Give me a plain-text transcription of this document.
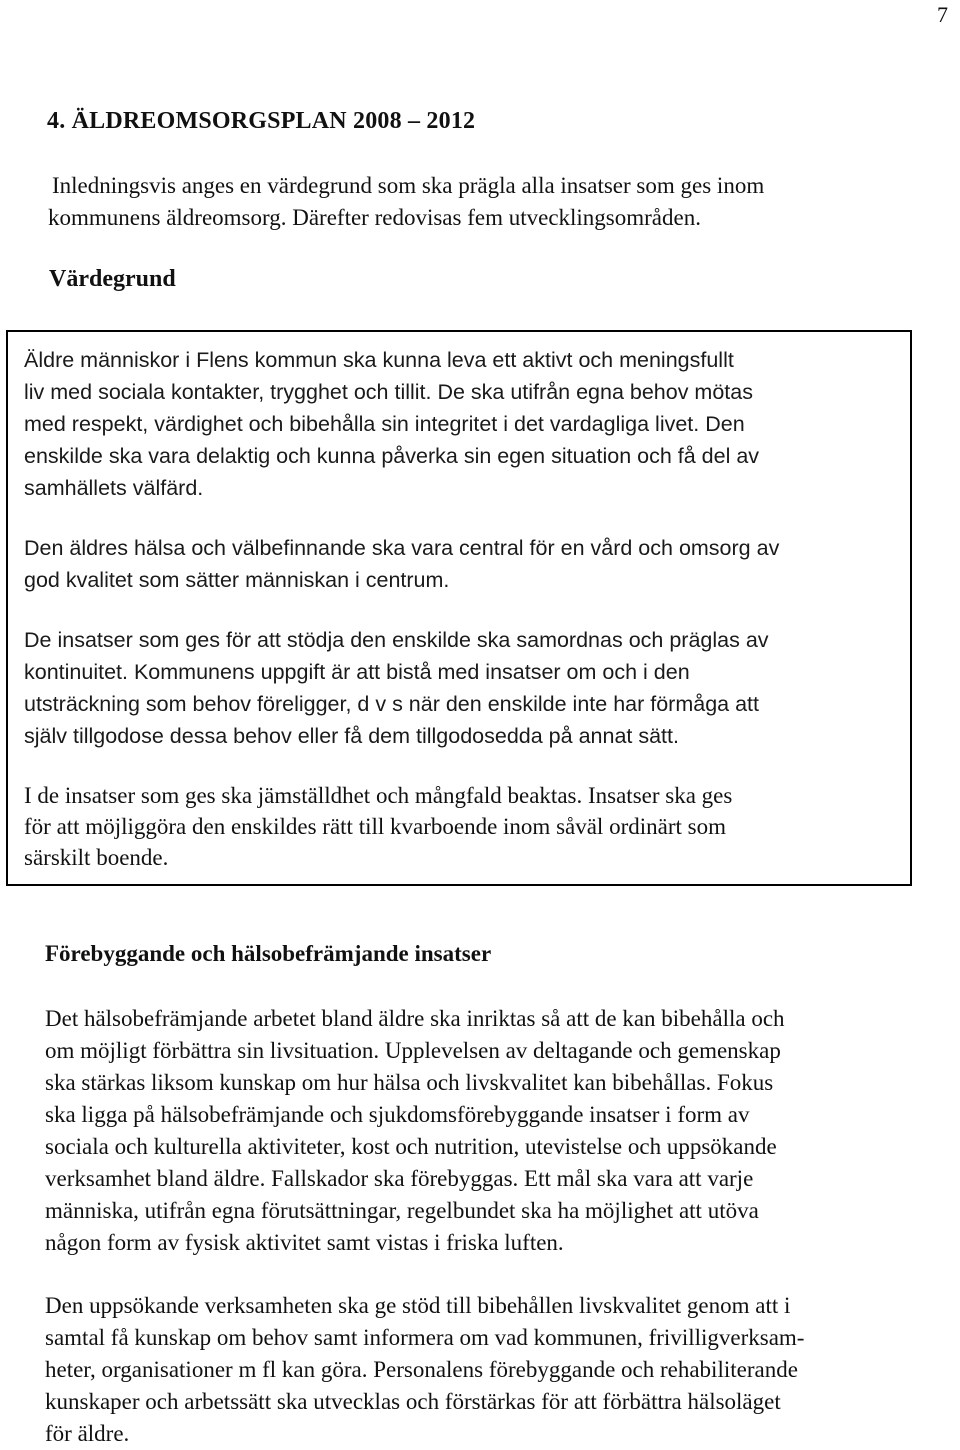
7
4. ÄLDREOMSORGSPLAN 2008 – 2012

Inledningsvis anges en värdegrund som ska prägla alla insatser som ges inom
kommunens äldreomsorg. Därefter redovisas fem utvecklingsområden.

Värdegrund

Äldre människor i Flens kommun ska kunna leva ett aktivt och meningsfullt
liv med sociala kontakter, trygghet och tillit. De ska utifrån egna behov mötas
med respekt, värdighet och bibehålla sin integritet i det vardagliga livet. Den
enskilde ska vara delaktig och kunna påverka sin egen situation och få del av
samhällets välfärd.

Den äldres hälsa och välbefinnande ska vara central för en vård och omsorg av
god kvalitet som sätter människan i centrum.

De insatser som ges för att stödja den enskilde ska samordnas och präglas av
kontinuitet. Kommunens uppgift är att bistå med insatser om och i den
utsträckning som behov föreligger, d v s när den enskilde inte har förmåga att
själv tillgodose dessa behov eller få dem tillgodosedda på annat sätt.

I de insatser som ges ska jämställdhet och mångfald beaktas. Insatser ska ges
för att möjliggöra den enskildes rätt till kvarboende inom såväl ordinärt som
särskilt boende.

Förebyggande och hälsobefrämjande insatser

Det hälsobefrämjande arbetet bland äldre ska inriktas så att de kan bibehålla och
om möjligt förbättra sin livsituation. Upplevelsen av deltagande och gemenskap
ska stärkas liksom kunskap om hur hälsa och livskvalitet kan bibehållas. Fokus
ska ligga på hälsobefrämjande och sjukdomsförebyggande insatser i form av
sociala och kulturella aktiviteter, kost och nutrition, utevistelse och uppsökande
verksamhet bland äldre. Fallskador ska förebyggas. Ett mål ska vara att varje
människa, utifrån egna förutsättningar, regelbundet ska ha möjlighet att utöva
någon form av fysisk aktivitet samt vistas i friska luften.

Den uppsökande verksamheten ska ge stöd till bibehållen livskvalitet genom att i
samtal få kunskap om behov samt informera om vad kommunen, frivilligverksam-
heter, organisationer m fl kan göra. Personalens förebyggande och rehabiliterande
kunskaper och arbetssätt ska utvecklas och förstärkas för att förbättra hälsoläget
för äldre.
